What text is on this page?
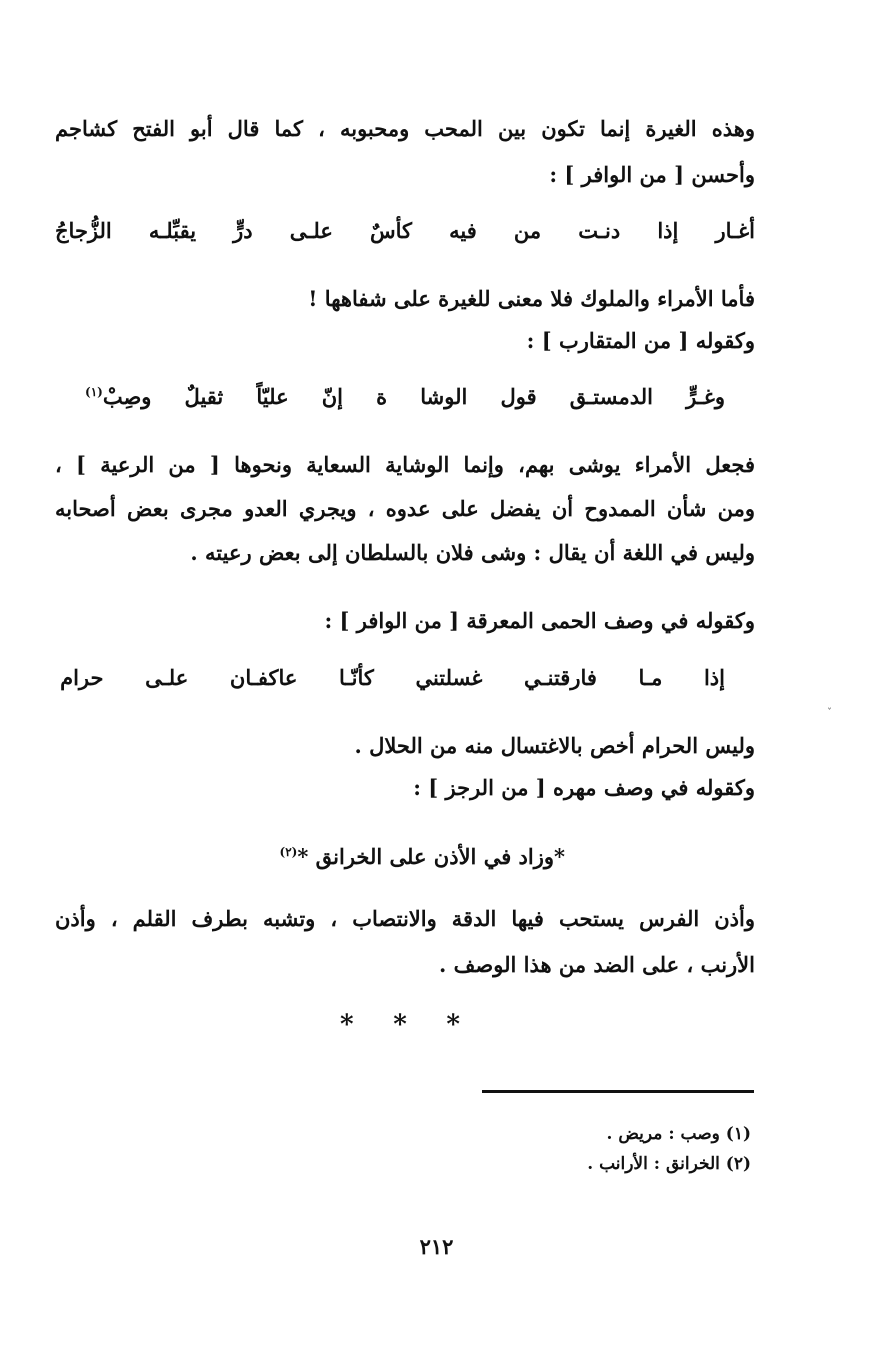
وهذه الغيرة إنما تكون بين المحب ومحبوبه ، كما قال أبو الفتح كشاجم
وأحسن [ من الوافر ] :
أغـار
إذا
دنـت
من
فيه
كأسٌ
علـى
درٍّ
يقبِّلـه
الزُّجاجُ
فأما الأمراء والملوك فلا معنى للغيرة على شفاهها !
وكقوله [ من المتقارب ] :
وغـرٍّ
الدمستـق
قول
الوشا
ة
إنّ
عليّاً
ثقيلٌ
وصِبْ$^{(١)}$
فجعل الأمراء يوشى بهم، وإنما الوشاية السعاية ونحوها [ من الرعية ] ،
ومن شأن الممدوح أن يفضل على عدوه ، ويجري العدو مجرى بعض أصحابه
وليس في اللغة أن يقال : وشى فلان بالسلطان إلى بعض رعيته .
وكقوله في وصف الحمى المعرقة [ من الوافر ] :
إذا
مـا
فارقتنـي
غسلتني
كأنّـا
عاكفـان
علـى
حرام
وليس الحرام أخص بالاغتسال منه من الحلال .
وكقوله في وصف مهره [ من الرجز ] :
*وزاد في الأذن على الخرانق *$^{(٢)}$
وأذن الفرس يستحب فيها الدقة والانتصاب ، وتشبه بطرف القلم ، وأذن
الأرنب ، على الضد من هذا الوصف .
*
*
*
(١) وصب : مريض .
(٢) الخرانق : الأرانب .
٢١٢
ˇ
